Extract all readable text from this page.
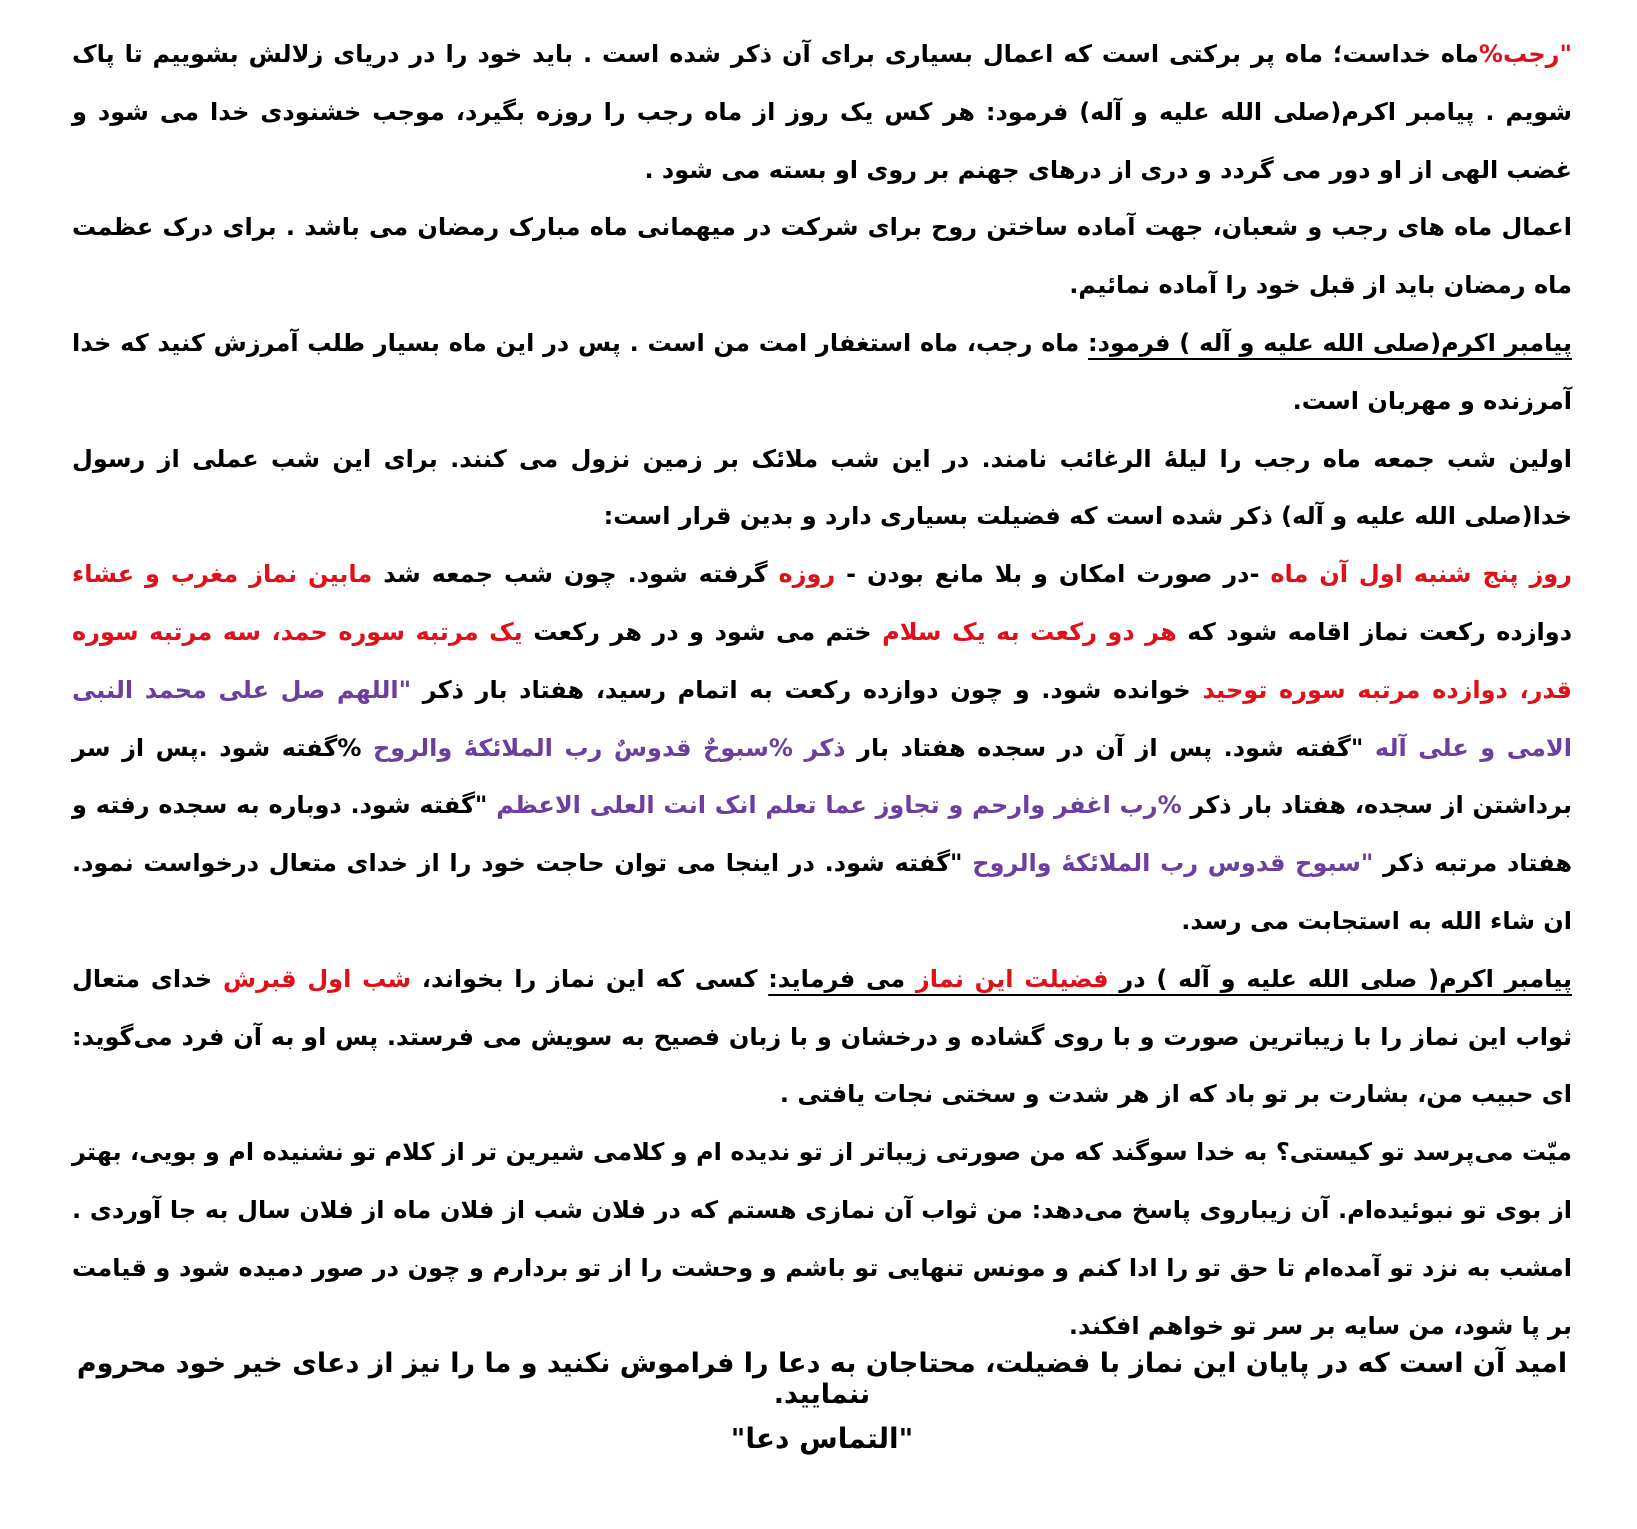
"رجب%ماه خداست؛ ماه پر برکتی است که اعمال بسیاری برای آن ذکر شده است . باید خود را در دریای زلالش بشوییم تا پاک شویم . پیامبر اکرم(صلی الله علیه و آله) فرمود: هر کس یک روز از ماه رجب را روزه بگیرد، موجب خشنودی خدا می شود و غضب الهی از او دور می گردد و دری از درهای جهنم بر روی او بسته می شود .

اعمال ماه های رجب و شعبان، جهت آماده ساختن روح برای شرکت در میهمانی ماه مبارک رمضان می باشد . برای درک عظمت ماه رمضان باید از قبل خود را آماده نمائیم.

پیامبر اکرم(صلی الله علیه و آله ) فرمود: ماه رجب، ماه استغفار امت من است . پس در این ماه بسیار طلب آمرزش کنید که خدا آمرزنده و مهربان است.

اولین شب جمعه ماه رجب را لیلهٔ الرغائب نامند. در این شب ملائک بر زمین نزول می کنند. برای این شب عملی از رسول خدا(صلی الله علیه و آله) ذکر شده است که فضیلت بسیاری دارد و بدین قرار است:

روز پنج شنبه اول آن ماه -در صورت امکان و بلا مانع بودن - روزه گرفته شود. چون شب جمعه شد مابین نماز مغرب و عشاء دوازده رکعت نماز اقامه شود که هر دو رکعت به یک سلام ختم می شود و در هر رکعت یک مرتبه سوره حمد، سه مرتبه سوره قدر، دوازده مرتبه سوره توحید خوانده شود. و چون دوازده رکعت به اتمام رسید، هفتاد بار ذکر "اللهم صل علی محمد النبی الامی و علی آله "گفته شود. پس از آن در سجده هفتاد بار ذکر %سبوحٌ قدوسٌ رب الملائکهٔ والروح %گفته شود .پس از سر برداشتن از سجده، هفتاد بار ذکر %رب اغفر وارحم و تجاوز عما تعلم انک انت العلی الاعظم "گفته شود. دوباره به سجده رفته و هفتاد مرتبه ذکر "سبوح قدوس رب الملائکهٔ والروح "گفته شود. در اینجا می توان حاجت خود را از خدای متعال درخواست نمود. ان شاء الله به استجابت می رسد.

پیامبر اکرم( صلی الله علیه و آله ) در فضیلت این نماز می فرماید: کسی که این نماز را بخواند، شب اول قبرش خدای متعال ثواب این نماز را با زیباترین صورت و با روی گشاده و درخشان و با زبان فصیح به سویش می فرستد. پس او به آن فرد می‌گوید: ای حبیب من، بشارت بر تو باد که از هر شدت و سختی نجات یافتی .

میّت می‌پرسد تو کیستی؟ به خدا سوگند که من صورتی زیباتر از تو ندیده ام و کلامی شیرین تر از کلام تو نشنیده ام و بویی، بهتر از بوی تو نبوئیده‌ام. آن زیباروی پاسخ می‌دهد: من ثواب آن نمازی هستم که در فلان شب از فلان ماه از فلان سال به جا آوردی . امشب به نزد تو آمده‌ام تا حق تو را ادا کنم و مونس تنهایی تو باشم و وحشت را از تو بردارم و چون در صور دمیده شود و قیامت بر پا شود، من سایه بر سر تو خواهم افکند.

امید آن است که در پایان این نماز با فضیلت، محتاجان به دعا را فراموش نکنید و ما را نیز از دعای خیر خود محروم ننمایید.

"التماس دعا"
